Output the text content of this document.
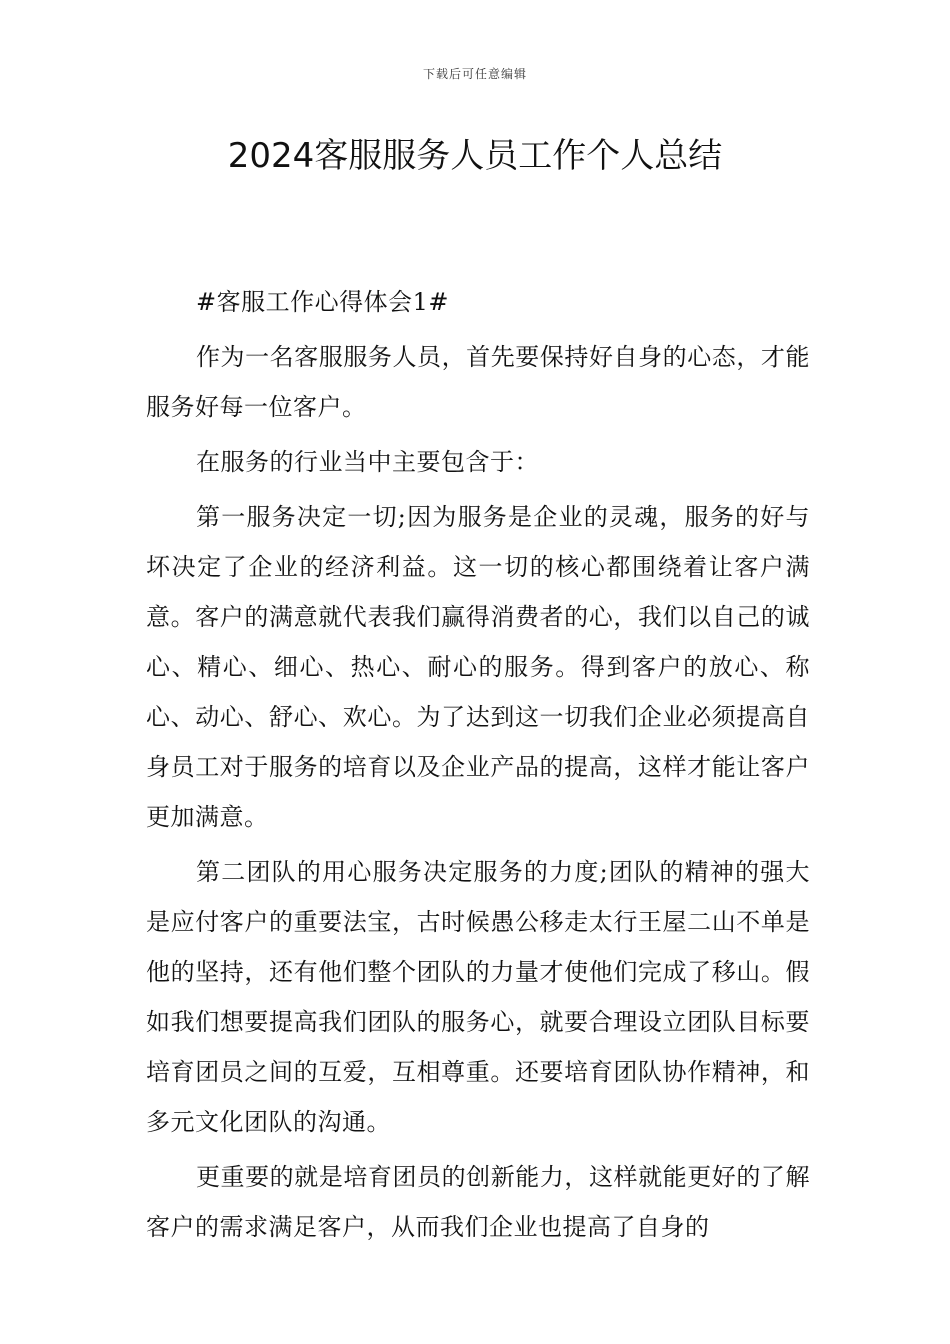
下载后可任意编辑
2024客服服务人员工作个人总结

#客服工作心得体会1#

作为一名客服服务人员，首先要保持好自身的心态，才能服务好每一位客户。

在服务的行业当中主要包含于：

第一服务决定一切;因为服务是企业的灵魂，服务的好与坏决定了企业的经济利益。这一切的核心都围绕着让客户满意。客户的满意就代表我们赢得消费者的心，我们以自己的诚心、精心、细心、热心、耐心的服务。得到客户的放心、称心、动心、舒心、欢心。为了达到这一切我们企业必须提高自身员工对于服务的培育以及企业产品的提高，这样才能让客户更加满意。

第二团队的用心服务决定服务的力度;团队的精神的强大是应付客户的重要法宝，古时候愚公移走太行王屋二山不单是他的坚持，还有他们整个团队的力量才使他们完成了移山。假如我们想要提高我们团队的服务心，就要合理设立团队目标要培育团员之间的互爱，互相尊重。还要培育团队协作精神，和多元文化团队的沟通。

更重要的就是培育团员的创新能力，这样就能更好的了解客户的需求满足客户，从而我们企业也提高了自身的
